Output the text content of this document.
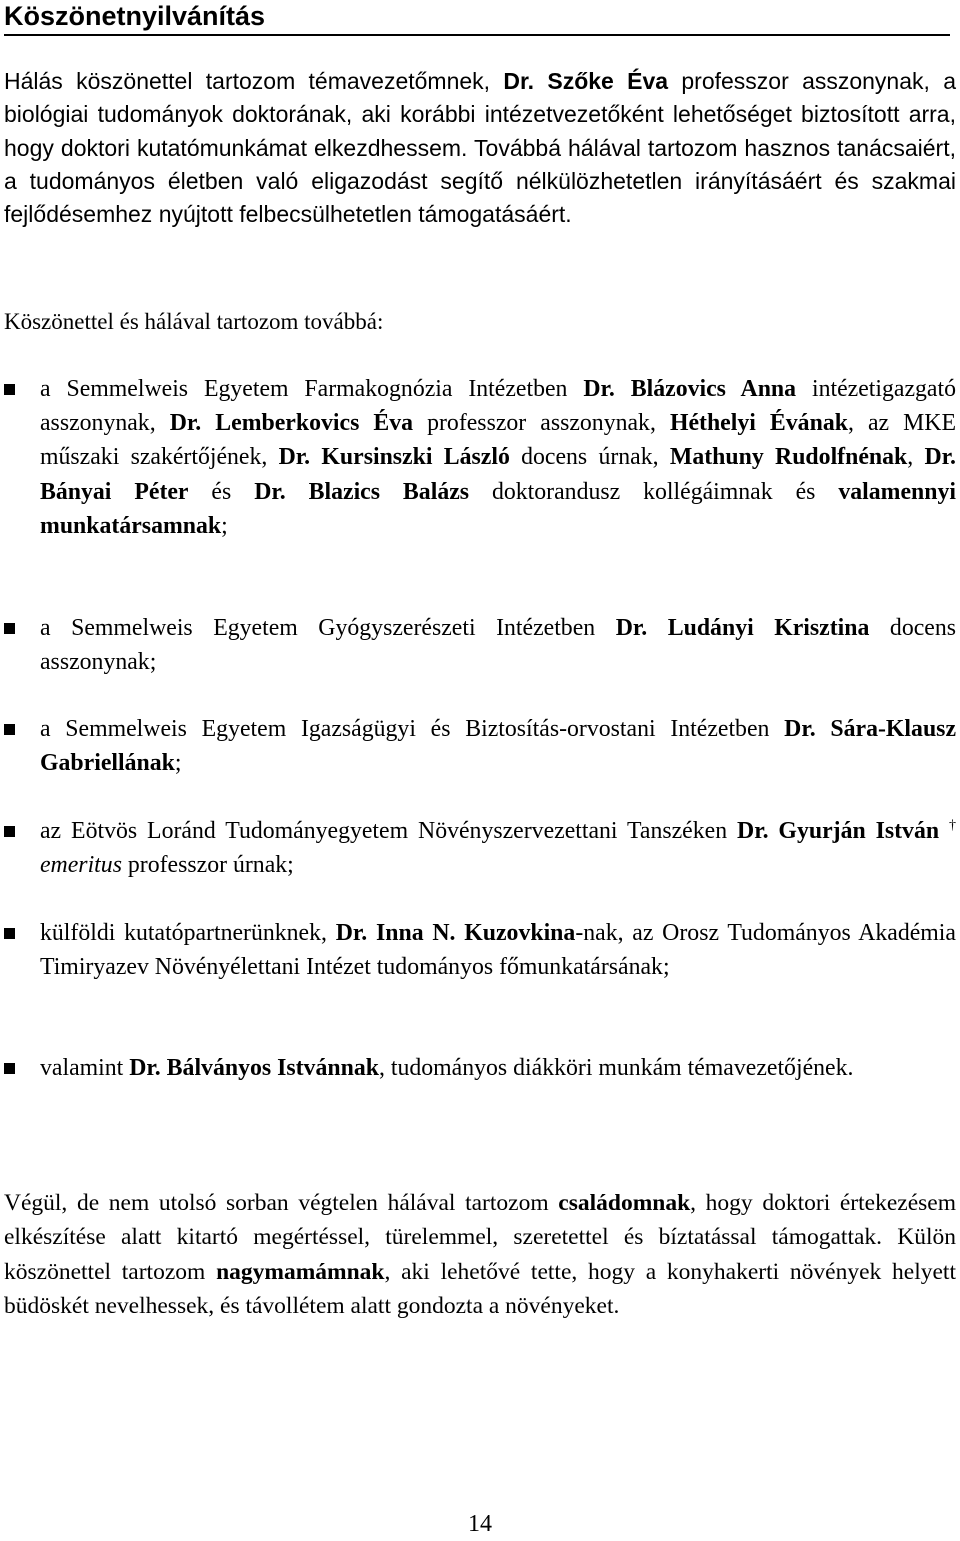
Köszönetnyilvánítás

Hálás köszönettel tartozom témavezetőmnek, Dr. Szőke Éva professzor asszonynak, a biológiai tudományok doktorának, aki korábbi intézetvezetőként lehetőséget biztosított arra, hogy doktori kutatómunkámat elkezdhessem. Továbbá hálával tartozom hasznos tanácsaiért, a tudományos életben való eligazodást segítő nélkülözhetetlen irányításáért és szakmai fejlődésemhez nyújtott felbecsülhetetlen támogatásáért.

Köszönettel és hálával tartozom továbbá:

a Semmelweis Egyetem Farmakognózia Intézetben Dr. Blázovics Anna intézetigazgató asszonynak, Dr. Lemberkovics Éva professzor asszonynak, Héthelyi Évának, az MKE műszaki szakértőjének, Dr. Kursinszki László docens úrnak, Mathuny Rudolfnénak, Dr. Bányai Péter és Dr. Blazics Balázs doktorandusz kollégáimnak és valamennyi munkatársamnak;
a Semmelweis Egyetem Gyógyszerészeti Intézetben Dr. Ludányi Krisztina docens asszonynak;
a Semmelweis Egyetem Igazságügyi és Biztosítás-orvostani Intézetben Dr. Sára-Klausz Gabriellának;
az Eötvös Loránd Tudományegyetem Növényszervezettani Tanszéken Dr. Gyurján István † emeritus professzor úrnak;
külföldi kutatópartnerünknek, Dr. Inna N. Kuzovkina-nak, az Orosz Tudományos Akadémia Timiryazev Növényélettani Intézet tudományos főmunkatársának;
valamint Dr. Bálványos Istvánnak, tudományos diákköri munkám témavezetőjének.

Végül, de nem utolsó sorban végtelen hálával tartozom családomnak, hogy doktori értekezésem elkészítése alatt kitartó megértéssel, türelemmel, szeretettel és bíztatással támogattak. Külön köszönettel tartozom nagymamámnak, aki lehetővé tette, hogy a konyhakerti növények helyett büdöskét nevelhessek, és távollétem alatt gondozta a növényeket.

14
